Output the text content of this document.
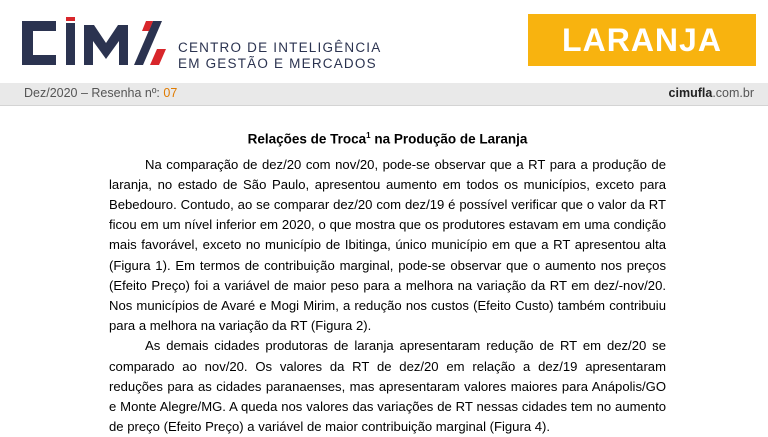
CENTRO DE INTELIGÊNCIA
EM GESTÃO E MERCADOS
LARANJA
Dez/2020 – Resenha nº: 07	cimufla.com.br
Relações de Troca$^1$ na Produção de Laranja

Na comparação de dez/20 com nov/20, pode-se observar que a RT para a produção de laranja, no estado de São Paulo, apresentou aumento em todos os municípios, exceto para Bebedouro. Contudo, ao se comparar dez/20 com dez/19 é possível verificar que o valor da RT ficou em um nível inferior em 2020, o que mostra que os produtores estavam em uma condição mais favorável, exceto no município de Ibitinga, único município em que a RT apresentou alta (Figura 1). Em termos de contribuição marginal, pode-se observar que o aumento nos preços (Efeito Preço) foi a variável de maior peso para a melhora na variação da RT em dez/-nov/20. Nos municípios de Avaré e Mogi Mirim, a redução nos custos (Efeito Custo) também contribuiu para a melhora na variação da RT (Figura 2).

As demais cidades produtoras de laranja apresentaram redução de RT em dez/20 se comparado ao nov/20. Os valores da RT de dez/20 em relação a dez/19 apresentaram reduções para as cidades paranaenses, mas apresentaram valores maiores para Anápolis/GO e Monte Alegre/MG. A queda nos valores das variações de RT nessas cidades tem no aumento de preço (Efeito Preço) a variável de maior contribuição marginal (Figura 4).
